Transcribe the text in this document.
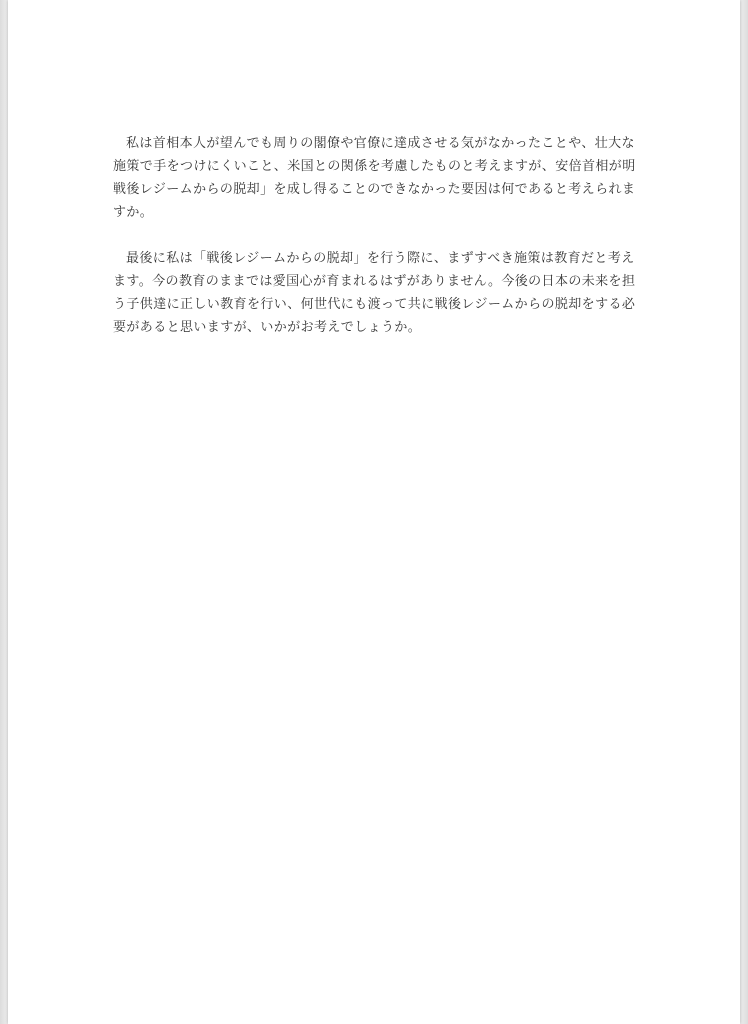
私は首相本人が望んでも周りの閣僚や官僚に達成させる気がなかったことや、壮大な施策で手をつけにくいこと、米国との関係を考慮したものと考えますが、安倍首相が明戦後レジームからの脱却」を成し得ることのできなかった要因は何であると考えられますか。

最後に私は「戦後レジームからの脱却」を行う際に、まずすべき施策は教育だと考えます。今の教育のままでは愛国心が育まれるはずがありません。今後の日本の未来を担う子供達に正しい教育を行い、何世代にも渡って共に戦後レジームからの脱却をする必要があると思いますが、いかがお考えでしょうか。
